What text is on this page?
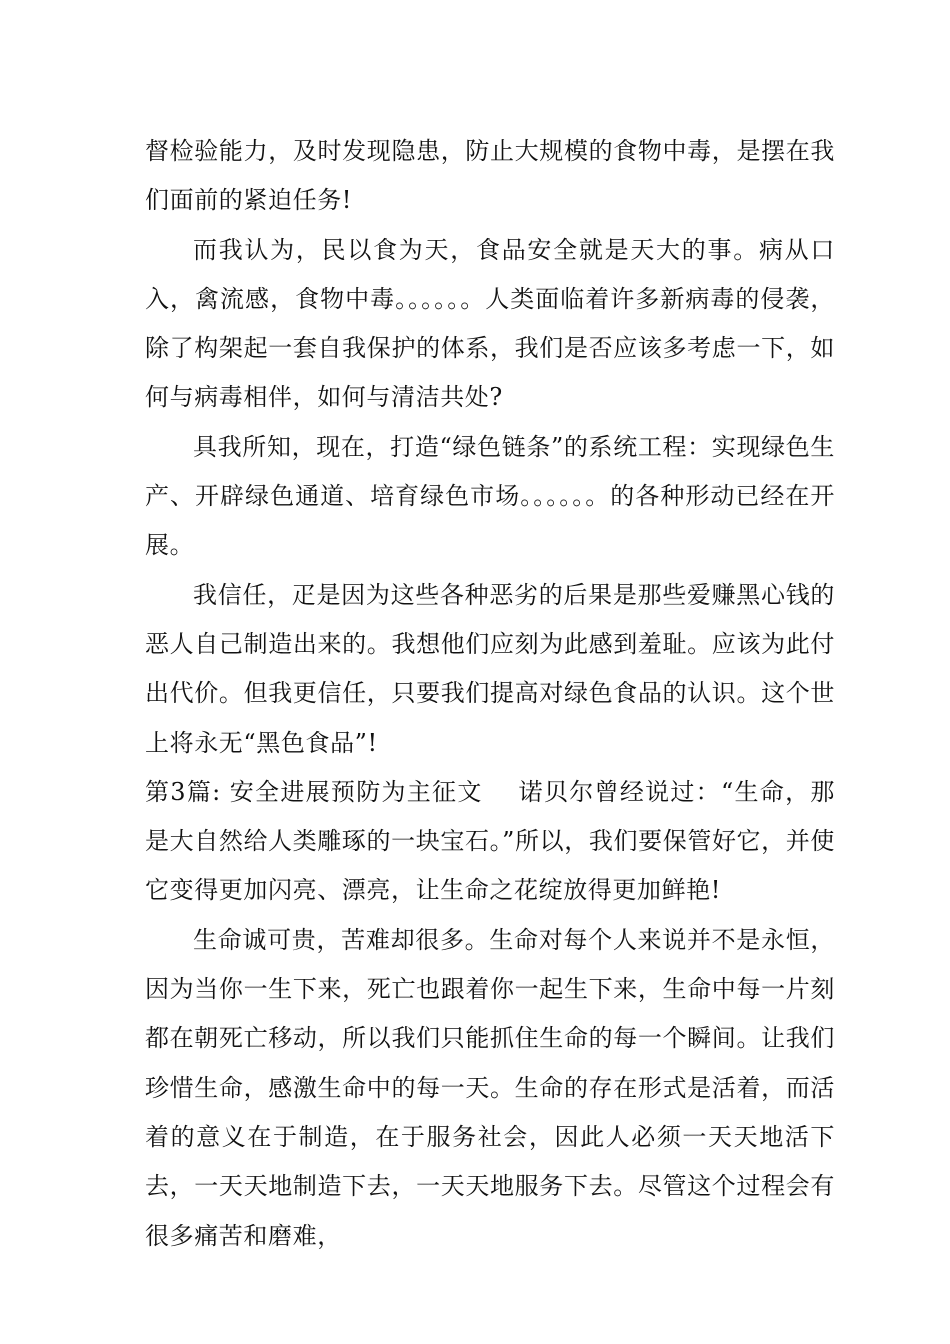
督检验能力，及时发现隐患，防止大规模的食物中毒，是摆在我们面前的紧迫任务!

而我认为，民以食为天，食品安全就是天大的事。病从口入，禽流感，食物中毒。。。。。。人类面临着许多新病毒的侵袭，除了构架起一套自我保护的体系，我们是否应该多考虑一下，如何与病毒相伴，如何与清洁共处?

具我所知，现在，打造“绿色链条”的系统工程：实现绿色生产、开辟绿色通道、培育绿色市场。。。。。。的各种形动已经在开展。

我信任，疋是因为这些各种恶劣的后果是那些爱赚黑心钱的恶人自己制造出来的。我想他们应刻为此感到羞耻。应该为此付出代价。但我更信任，只要我们提高对绿色食品的认识。这个世上将永无“黑色食品”!

第3篇: 安全进展预防为主征文 诺贝尔曾经说过：“生命，那是大自然给人类雕琢的一块宝石。”所以，我们要保管好它，并使它变得更加闪亮、漂亮，让生命之花绽放得更加鲜艳!

生命诚可贵，苦难却很多。生命对每个人来说并不是永恒，因为当你一生下来，死亡也跟着你一起生下来，生命中每一片刻都在朝死亡移动，所以我们只能抓住生命的每一个瞬间。让我们珍惜生命，感激生命中的每一天。生命的存在形式是活着，而活着的意义在于制造，在于服务社会，因此人必须一天天地活下去，一天天地制造下去，一天天地服务下去。尽管这个过程会有很多痛苦和磨难，
